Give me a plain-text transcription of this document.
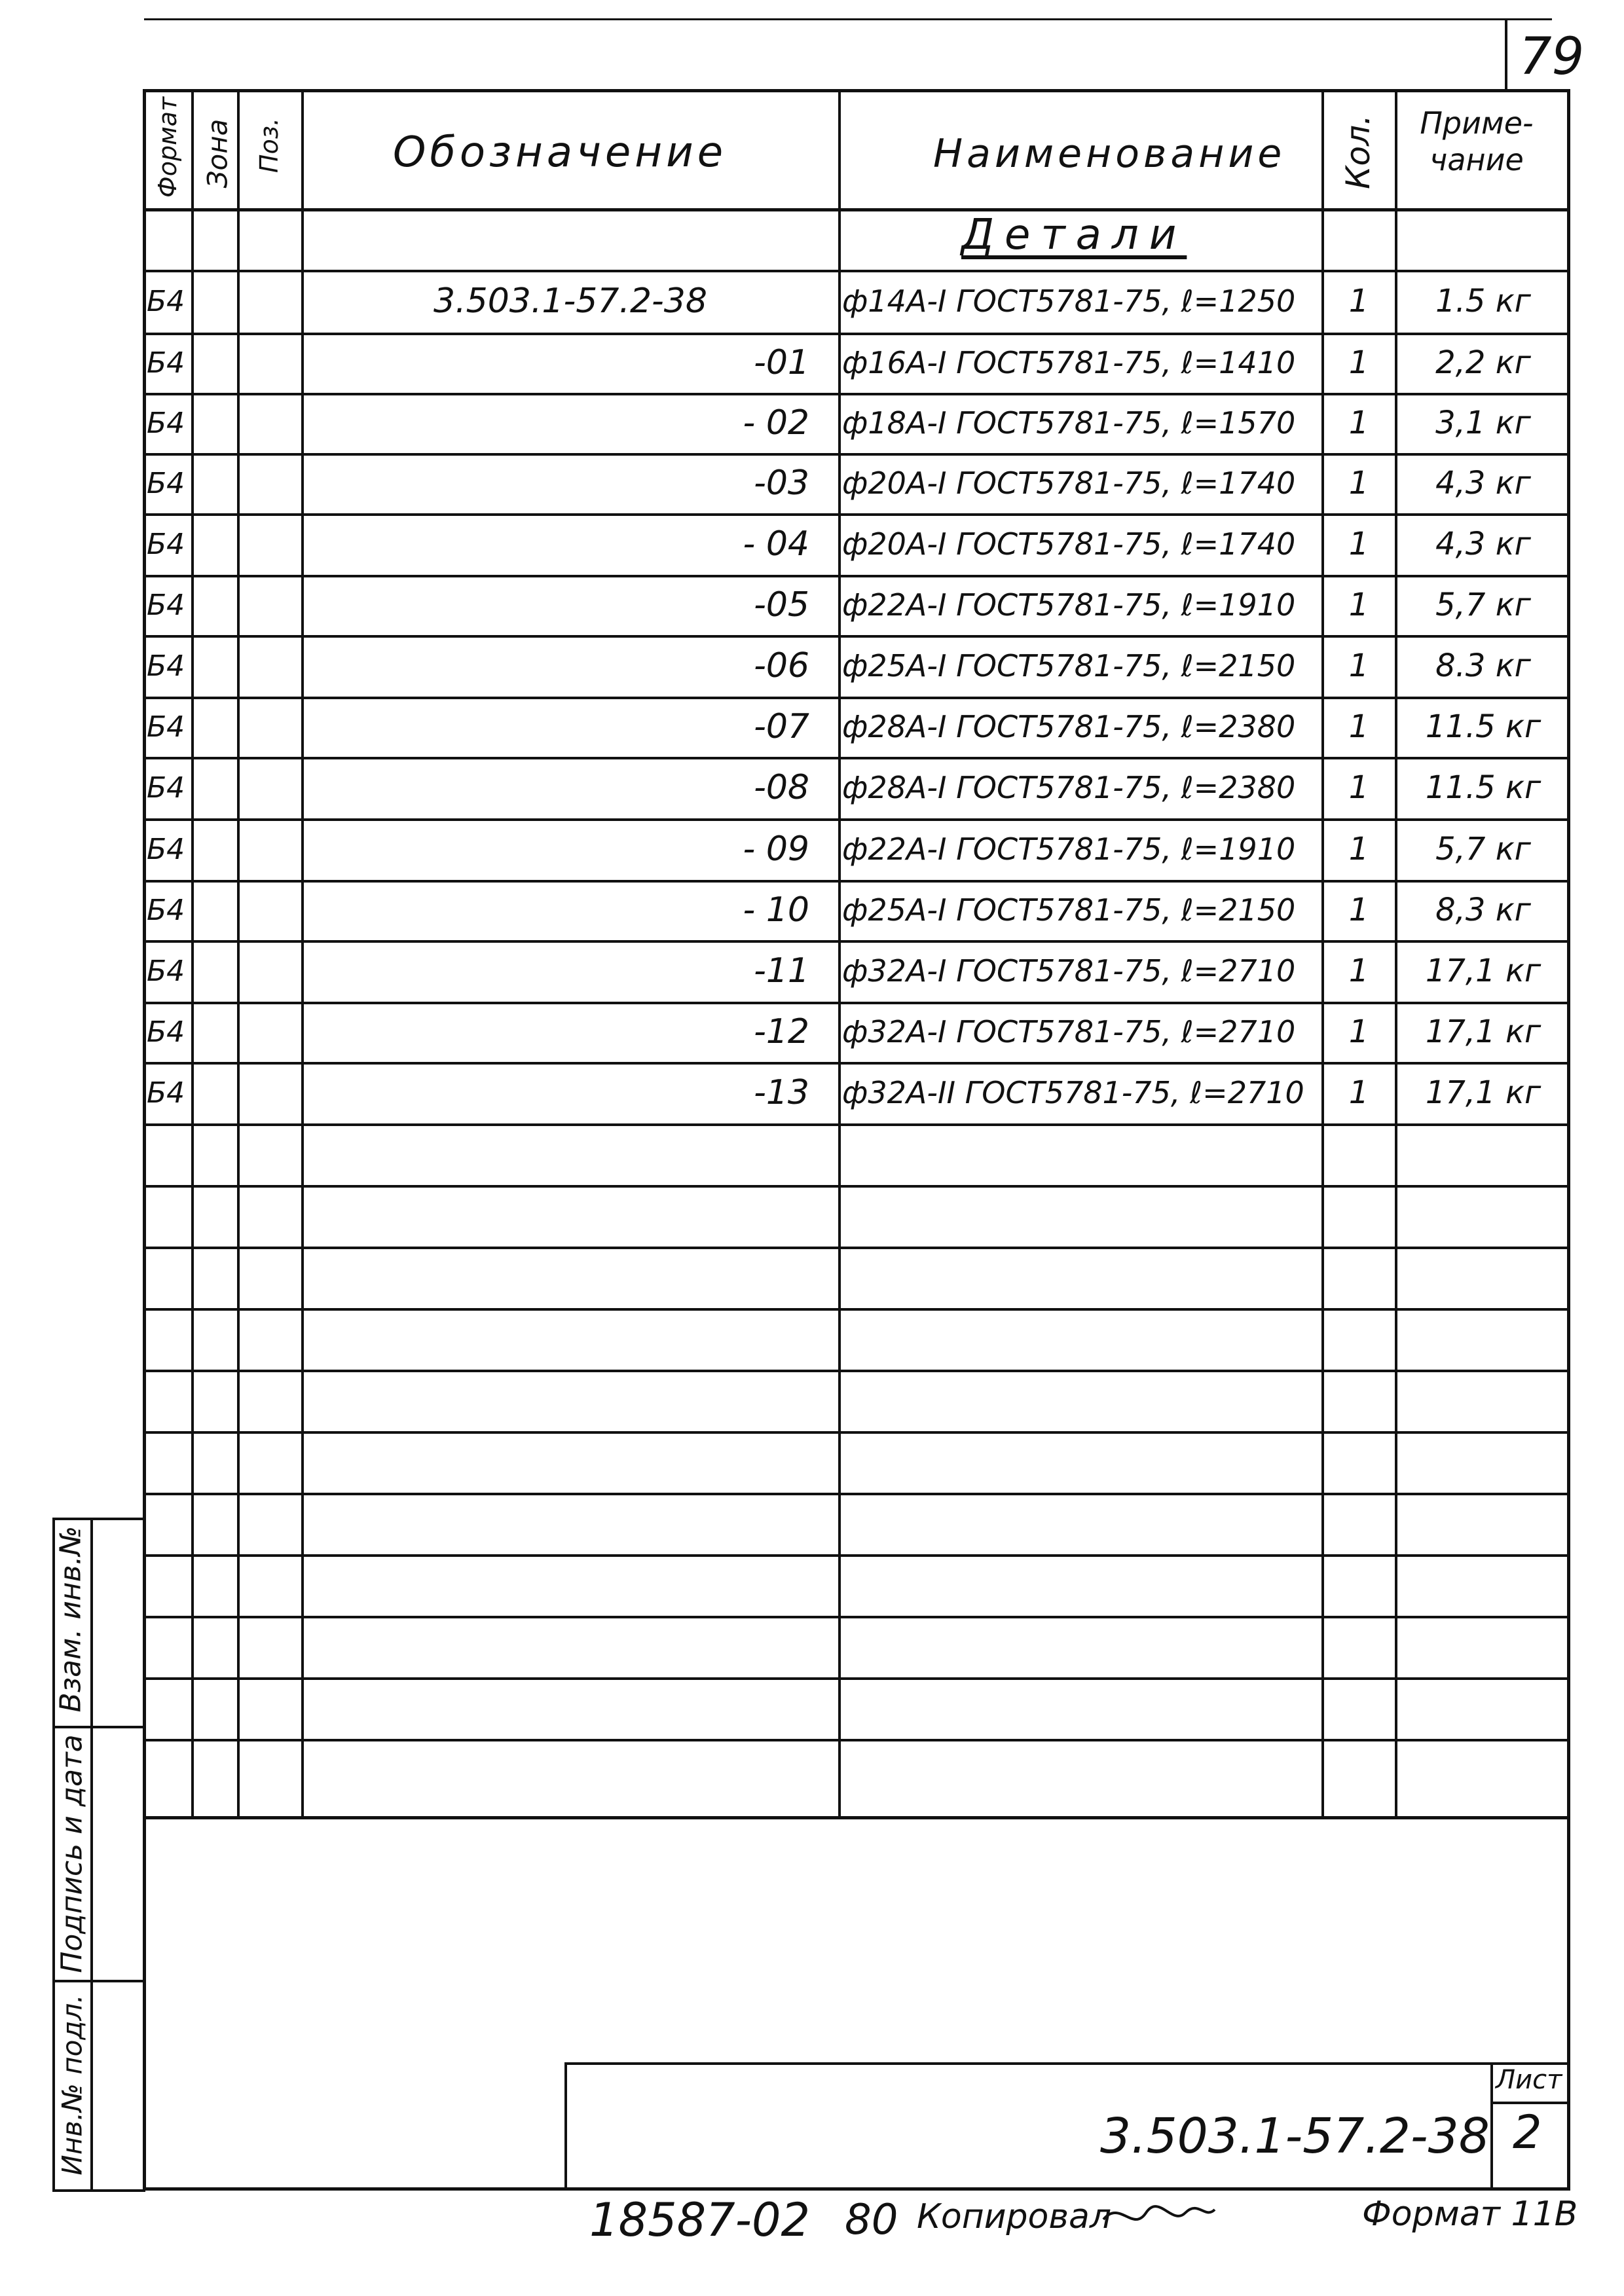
79
Формат Зона Поз.	Обозначение	Наименование Кол.	Приме-
чание
Детали
Б4	3.503.1-57.2-38	ф14А-I ГОСТ5781-75, ℓ=1250	1	1.5 кг
Б4	-01	ф16А-I ГОСТ5781-75, ℓ=1410	1	2,2 кг
Б4	- 02	ф18А-I ГОСТ5781-75, ℓ=1570	1	3,1 кг
Б4	-03	ф20А-I ГОСТ5781-75, ℓ=1740	1	4,3 кг
Б4	- 04	ф20А-I ГОСТ5781-75, ℓ=1740	1	4,3 кг
Б4	-05	ф22А-I ГОСТ5781-75, ℓ=1910	1	5,7 кг
Б4	-06	ф25А-I ГОСТ5781-75, ℓ=2150	1	8.3 кг
Б4	-07	ф28А-I ГОСТ5781-75, ℓ=2380	1	11.5 кг
Б4	-08	ф28А-I ГОСТ5781-75, ℓ=2380	1	11.5 кг
Б4	- 09	ф22А-I ГОСТ5781-75, ℓ=1910	1	5,7 кг
Б4	- 10	ф25А-I ГОСТ5781-75, ℓ=2150	1	8,3 кг
Б4	-11	ф32А-I ГОСТ5781-75, ℓ=2710	1	17,1 кг
Б4	-12	ф32А-I ГОСТ5781-75, ℓ=2710	1	17,1 кг
Б4	-13	ф32А-II ГОСТ5781-75, ℓ=2710	1	17,1 кг
Взам. инв.№
Подпись и дата
Инв.№ подл.	Лист
2
3.503.1-57.2-38
18587-02 80 Копировал	Формат 11В
